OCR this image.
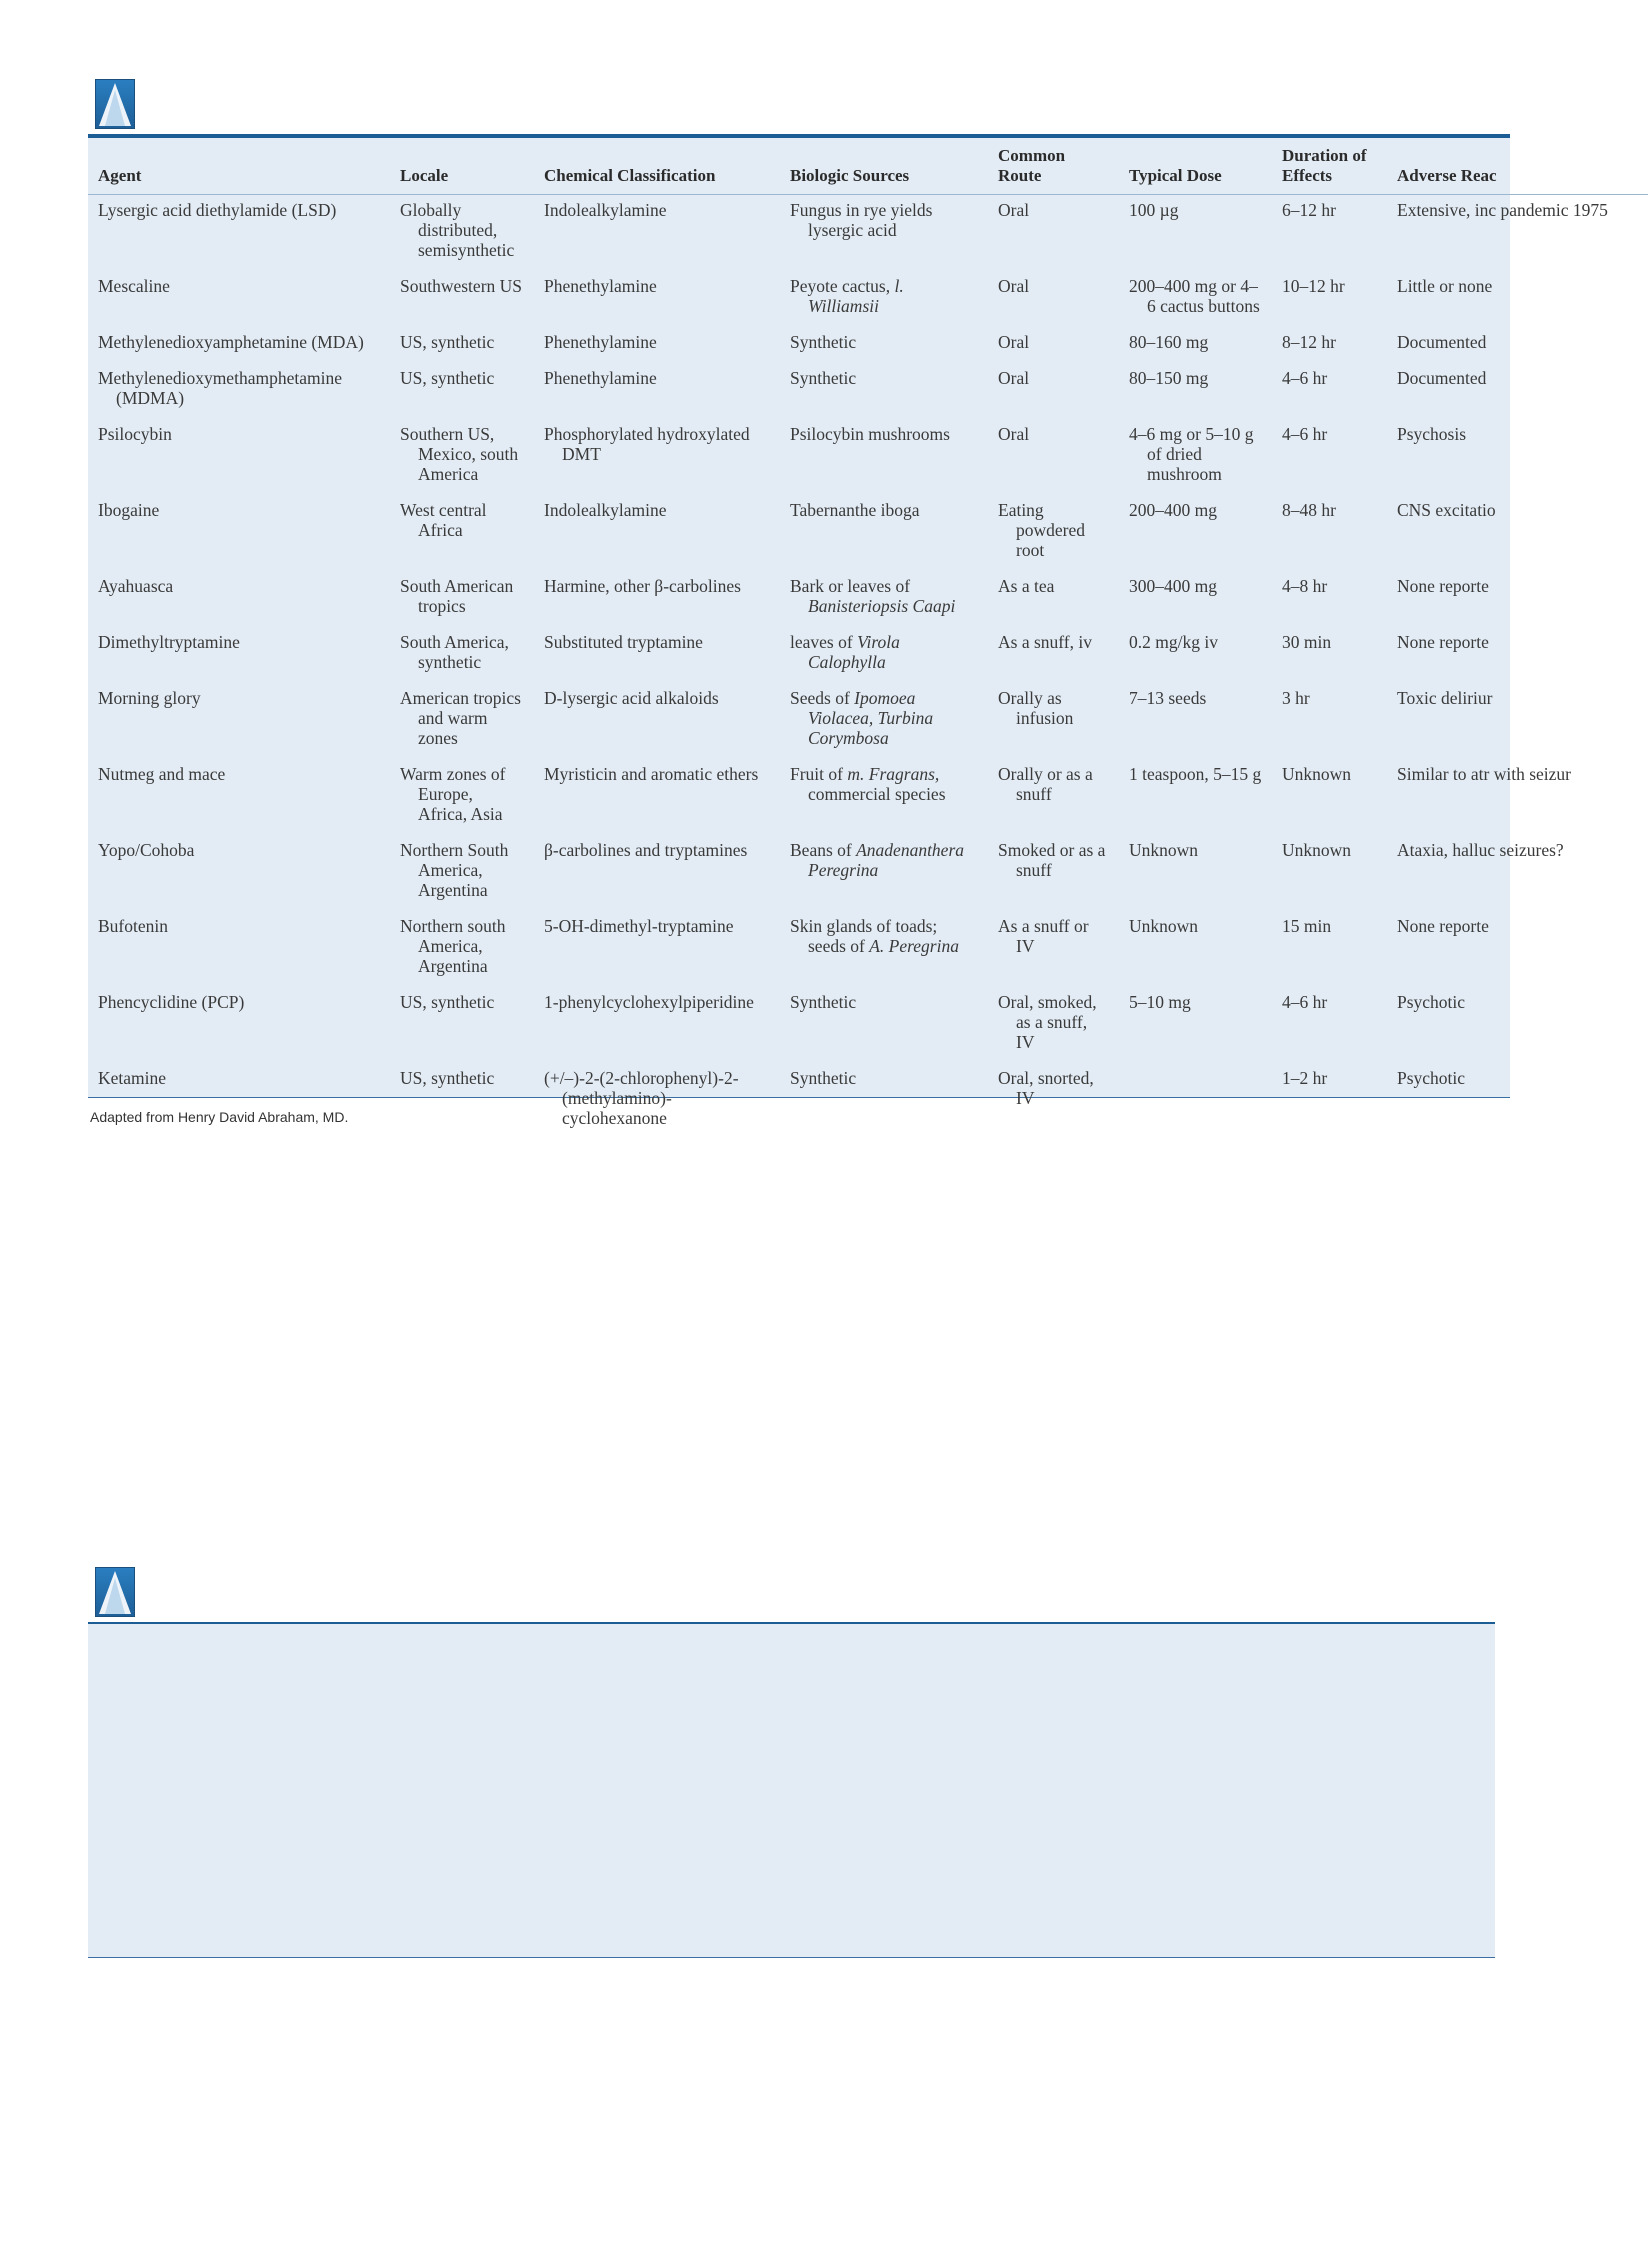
Agent	Locale	Chemical Classification	Biologic Sources	Common Route	Typical Dose	Duration of Effects	Adverse Reac

Lysergic acid diethylamide (LSD)	Globally distributed, semisynthetic	Indolealkylamine	Fungus in rye yields lysergic acid	Oral	100 µg	6–12 hr	Extensive, inc pandemic 1975

Mescaline	Southwestern US	Phenethylamine	Peyote cactus, l. Williamsii	Oral	200–400 mg or 4–6 cactus buttons	10–12 hr	Little or none

Methylenedioxyamphetamine (MDA)	US, synthetic	Phenethylamine	Synthetic	Oral	80–160 mg	8–12 hr	Documented

Methylenedioxymethamphetamine (MDMA)	US, synthetic	Phenethylamine	Synthetic	Oral	80–150 mg	4–6 hr	Documented

Psilocybin	Southern US, Mexico, south America	Phosphorylated hydroxylated DMT	Psilocybin mushrooms	Oral	4–6 mg or 5–10 g of dried mushroom	4–6 hr	Psychosis

Ibogaine	West central Africa	Indolealkylamine	Tabernanthe iboga	Eating powdered root	200–400 mg	8–48 hr	CNS excitatio

Ayahuasca	South American tropics	Harmine, other β-carbolines	Bark or leaves of Banisteriopsis Caapi	As a tea	300–400 mg	4–8 hr	None reporte

Dimethyltryptamine	South America, synthetic	Substituted tryptamine	leaves of Virola Calophylla	As a snuff, iv	0.2 mg/kg iv	30 min	None reporte

Morning glory	American tropics and warm zones	D-lysergic acid alkaloids	Seeds of Ipomoea Violacea, Turbina Corymbosa	Orally as infusion	7–13 seeds	3 hr	Toxic deliriur

Nutmeg and mace	Warm zones of Europe, Africa, Asia	Myristicin and aromatic ethers	Fruit of m. Fragrans, commercial species	Orally or as a snuff	1 teaspoon, 5–15 g	Unknown	Similar to atr with seizur

Yopo/Cohoba	Northern South America, Argentina	β-carbolines and tryptamines	Beans of Anadenanthera Peregrina	Smoked or as a snuff	Unknown	Unknown	Ataxia, halluc seizures?

Bufotenin	Northern south America, Argentina	5-OH-dimethyl-tryptamine	Skin glands of toads; seeds of A. Peregrina	As a snuff or IV	Unknown	15 min	None reporte

Phencyclidine (PCP)	US, synthetic	1-phenylcyclohexylpiperidine	Synthetic	Oral, smoked, as a snuff, IV	5–10 mg	4–6 hr	Psychotic

Ketamine	US, synthetic	(+/–)-2-(2-chlorophenyl)-2-(methylamino)-cyclohexanone	Synthetic	Oral, snorted, IV		1–2 hr	Psychotic
Adapted from Henry David Abraham, MD.
